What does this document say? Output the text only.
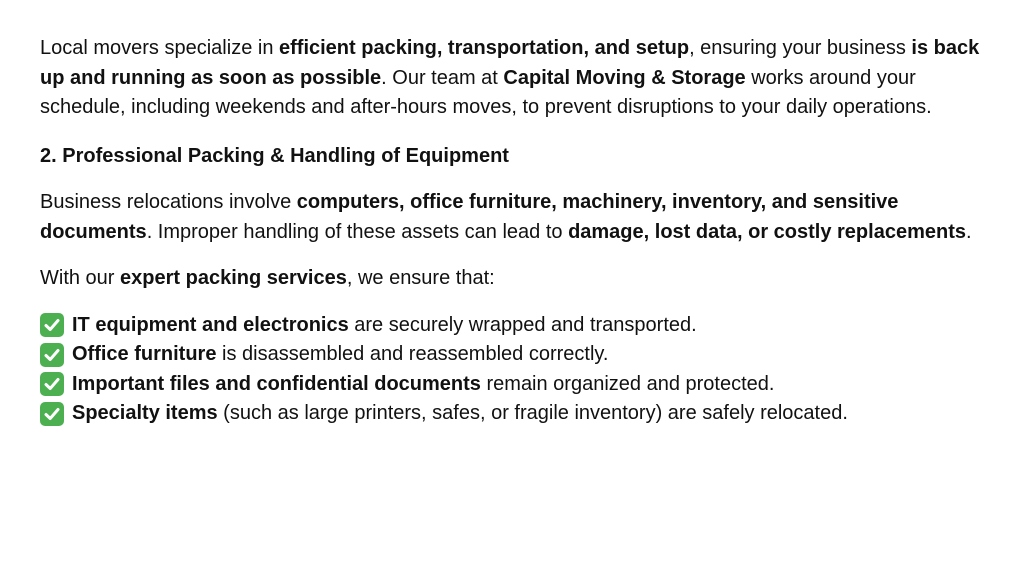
Local movers specialize in efficient packing, transportation, and setup, ensuring your business is back up and running as soon as possible. Our team at Capital Moving & Storage works around your schedule, including weekends and after-hours moves, to prevent disruptions to your daily operations.

2. Professional Packing & Handling of Equipment

Business relocations involve computers, office furniture, machinery, inventory, and sensitive documents. Improper handling of these assets can lead to damage, lost data, or costly replacements.

With our expert packing services, we ensure that:

IT equipment and electronics are securely wrapped and transported.
Office furniture is disassembled and reassembled correctly.
Important files and confidential documents remain organized and protected.
Specialty items (such as large printers, safes, or fragile inventory) are safely relocated.
